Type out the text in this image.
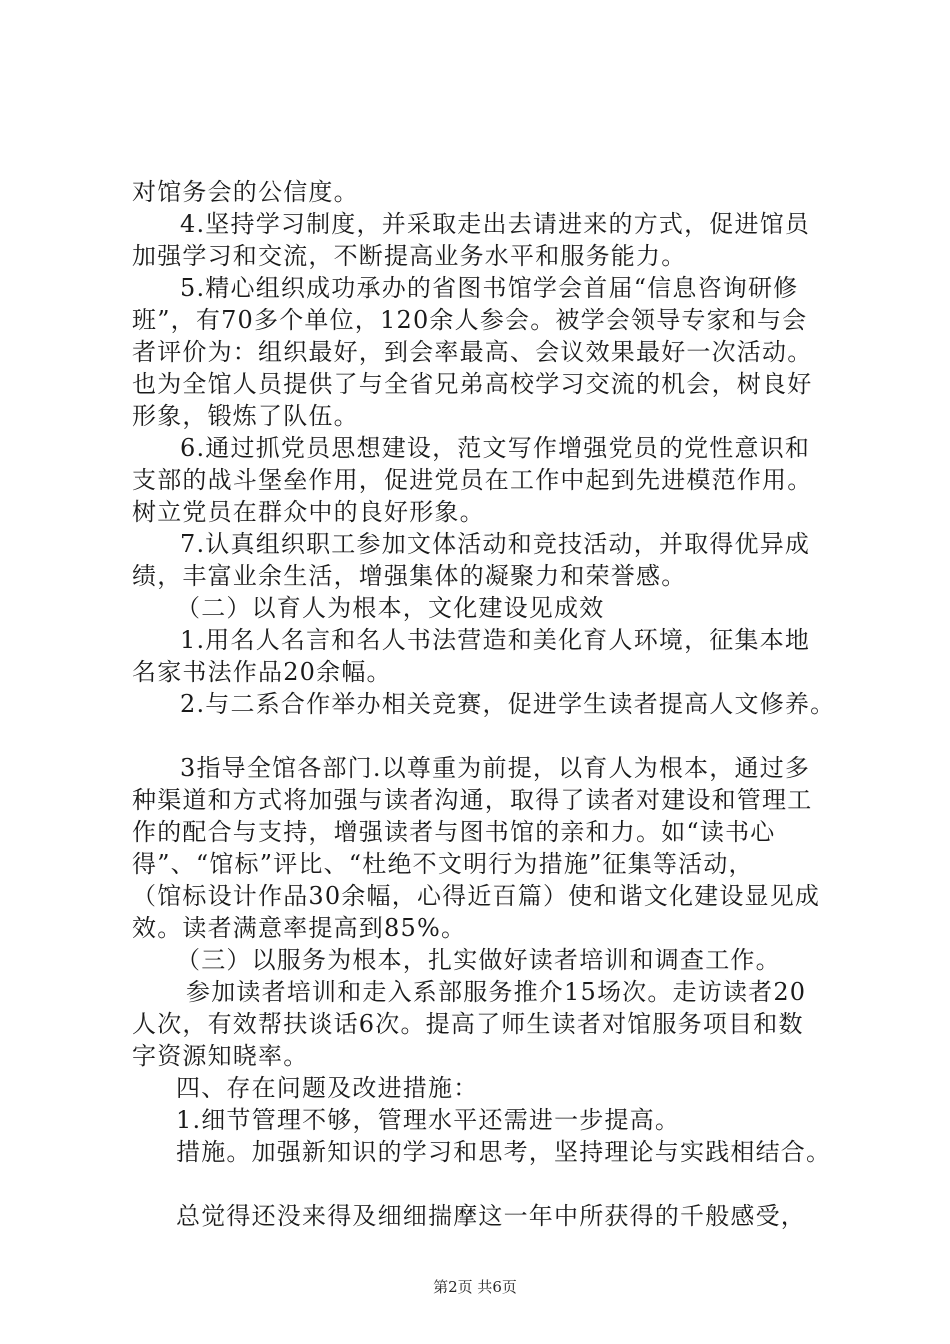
对馆务会的公信度。
4.坚持学习制度，并采取走出去请进来的方式，促进馆员
加强学习和交流，不断提高业务水平和服务能力。
5.精心组织成功承办的省图书馆学会首届“信息咨询研修
班”，有70多个单位，120余人参会。被学会领导专家和与会
者评价为：组织最好，到会率最高、会议效果最好一次活动。
也为全馆人员提供了与全省兄弟高校学习交流的机会，树良好
形象，锻炼了队伍。
6.通过抓党员思想建设，范文写作增强党员的党性意识和
支部的战斗堡垒作用，促进党员在工作中起到先进模范作用。
树立党员在群众中的良好形象。
7.认真组织职工参加文体活动和竞技活动，并取得优异成
绩，丰富业余生活，增强集体的凝聚力和荣誉感。
（二）以育人为根本，文化建设见成效
1.用名人名言和名人书法营造和美化育人环境，征集本地
名家书法作品20余幅。
2.与二系合作举办相关竞赛，促进学生读者提高人文修养。
3指导全馆各部门.以尊重为前提，以育人为根本，通过多
种渠道和方式将加强与读者沟通，取得了读者对建设和管理工
作的配合与支持，增强读者与图书馆的亲和力。如“读书心
得”、“馆标”评比、“杜绝不文明行为措施”征集等活动，
（馆标设计作品30余幅，心得近百篇）使和谐文化建设显见成
效。读者满意率提高到85%。
（三）以服务为根本，扎实做好读者培训和调查工作。
参加读者培训和走入系部服务推介15场次。走访读者20
人次，有效帮扶谈话6次。提高了师生读者对馆服务项目和数
字资源知晓率。
四、存在问题及改进措施：
1.细节管理不够，管理水平还需进一步提高。
措施。加强新知识的学习和思考，坚持理论与实践相结合。
总觉得还没来得及细细揣摩这一年中所获得的千般感受，
第2页 共6页
